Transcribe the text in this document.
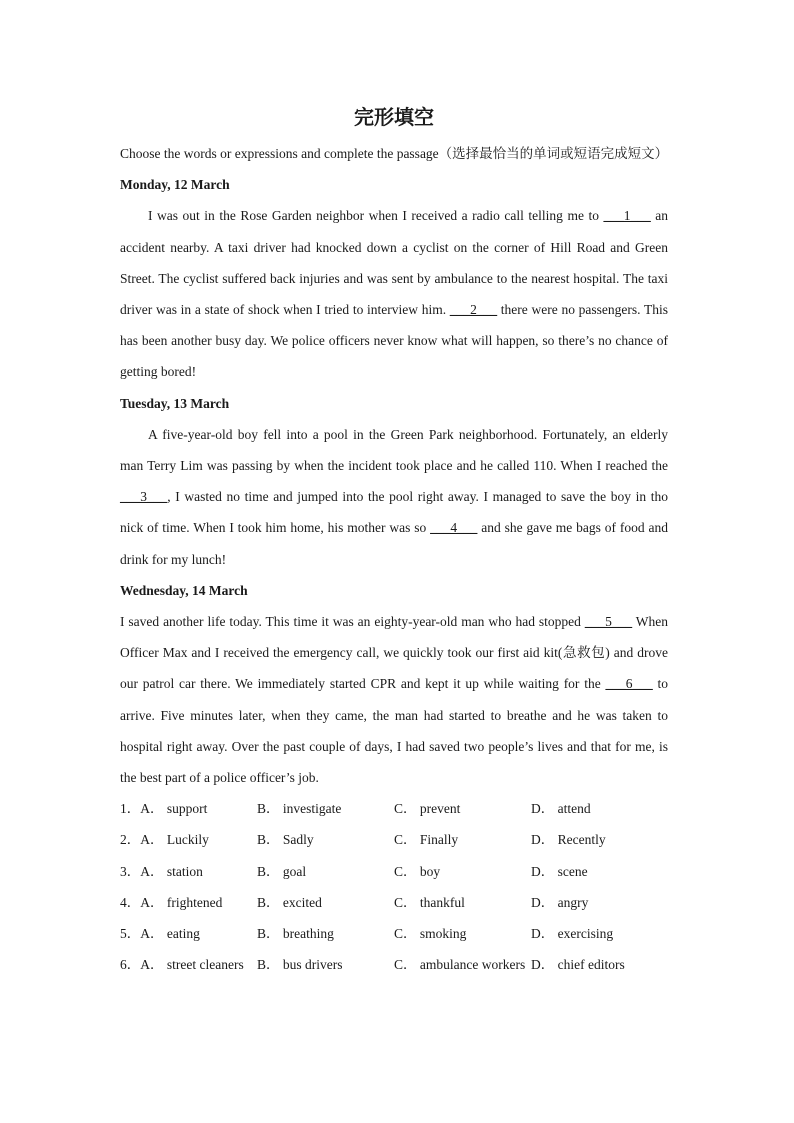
完形填空
Choose the words or expressions and complete the passage（选择最恰当的单词或短语完成短文）
Monday, 12 March
I was out in the Rose Garden neighbor when I received a radio call telling me to ___1___ an accident nearby. A taxi driver had knocked down a cyclist on the corner of Hill Road and Green Street. The cyclist suffered back injuries and was sent by ambulance to the nearest hospital. The taxi driver was in a state of shock when I tried to interview him. ___2___ there were no passengers. This has been another busy day. We police officers never know what will happen, so there’s no chance of getting bored!
Tuesday, 13 March
A five-year-old boy fell into a pool in the Green Park neighborhood. Fortunately, an elderly man Terry Lim was passing by when the incident took place and he called 110. When I reached the ___3___, I wasted no time and jumped into the pool right away. I managed to save the boy in tho nick of time. When I took him home, his mother was so ___4___ and she gave me bags of food and drink for my lunch!
Wednesday, 14 March
I saved another life today. This time it was an eighty-year-old man who had stopped ___5___ When Officer Max and I received the emergency call, we quickly took our first aid kit(急救包) and drove our patrol car there. We immediately started CPR and kept it up while waiting for the ___6___ to arrive. Five minutes later, when they came, the man had started to breathe and he was taken to hospital right away. Over the past couple of days, I had saved two people’s lives and that for me, is the best part of a police officer’s job.
1．A． support	B． investigate	C． prevent	D． attend
2．A． Luckily	B． Sadly	C． Finally	D． Recently
3．A． station	B． goal	C． boy	D． scene
4．A． frightened	B． excited	C． thankful	D． angry
5．A． eating	B． breathing	C． smoking	D． exercising
6．A． street cleaners B． bus drivers	C． ambulance workers D． chief editors
